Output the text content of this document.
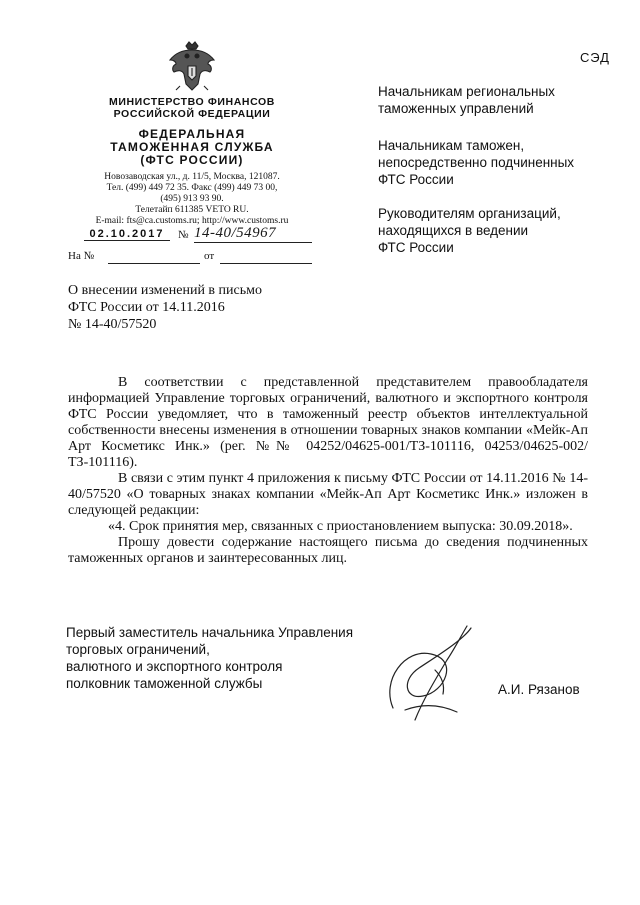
СЭД
МИНИСТЕРСТВО ФИНАНСОВ
РОССИЙСКОЙ ФЕДЕРАЦИИ
ФЕДЕРАЛЬНАЯ
ТАМОЖЕННАЯ СЛУЖБА
(ФТС РОССИИ)
Новозаводская ул., д. 11/5, Москва, 121087.
Тел. (499) 449 72 35. Факс (499) 449 73 00,
(495) 913 93 90.
Телетайп 611385 VETO RU.
E-mail: fts@ca.customs.ru; http://www.customs.ru
02.10.2017	№ 14-40/54967
На №	от
О внесении изменений в письмо
ФТС России от 14.11.2016
№ 14-40/57520
Начальникам региональных
таможенных управлений
Начальникам таможен,
непосредственно подчиненных
ФТС России
Руководителям организаций,
находящихся в ведении
ФТС России

В соответствии с представленной представителем правообладателя информацией Управление торговых ограничений, валютного и экспортного контроля ФТС России уведомляет, что в таможенный реестр объектов интеллектуальной собственности внесены изменения в отношении товарных знаков компании «Мейк-Ап Арт Косметикс Инк.» (рег. №№ 04252/04625-001/ТЗ-101116, 04253/04625-002/ТЗ-101116).

В связи с этим пункт 4 приложения к письму ФТС России от 14.11.2016 № 14-40/57520 «О товарных знаках компании «Мейк-Ап Арт Косметикс Инк.» изложен в следующей редакции:

«4. Срок принятия мер, связанных с приостановлением выпуска: 30.09.2018».

Прошу довести содержание настоящего письма до сведения подчиненных таможенных органов и заинтересованных лиц.

Первый заместитель начальника Управления
торговых ограничений,
валютного и экспортного контроля
полковник таможенной службы	А.И. Рязанов
